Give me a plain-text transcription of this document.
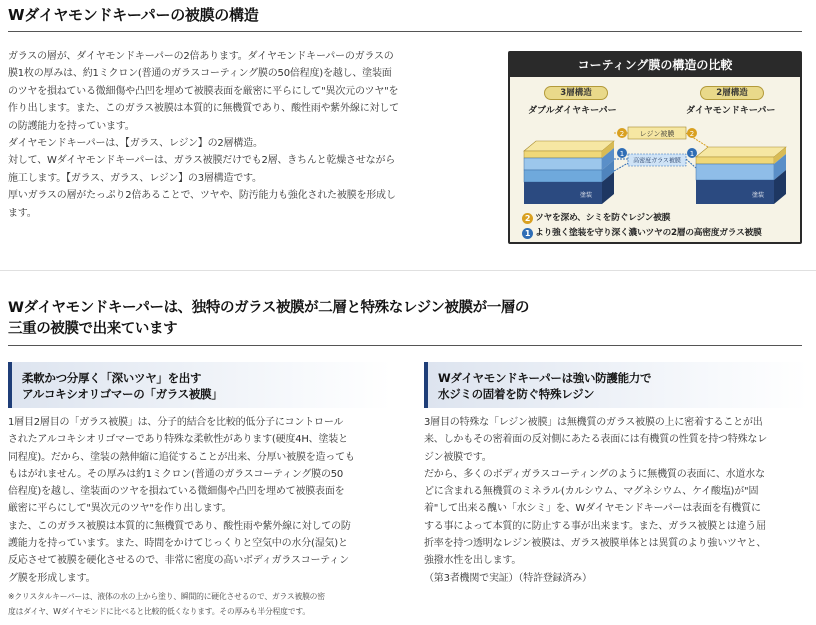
Wダイヤモンドキーパーの被膜の構造

ガラスの層が、ダイヤモンドキーパーの2倍あります。ダイヤモンドキーパーのガラスの

膜1枚の厚みは、約1ミクロン(普通のガラスコーティング膜の50倍程度)を越し、塗装面

のツヤを損ねている微細傷や凸凹を埋めて被膜表面を厳密に平らにして"異次元のツヤ"を

作り出します。また、このガラス被膜は本質的に無機質であり、酸性雨や紫外線に対して

の防護能力を持っています。

ダイヤモンドキーパーは、【ガラス、レジン】の2層構造。

対して、Wダイヤモンドキーパーは、ガラス被膜だけでも2層、きちんと乾燥させながら

施工します。【ガラス、ガラス、レジン】の3層構造です。

厚いガラスの層がたっぷり2倍あることで、ツヤや、防汚能力も強化された被膜を形成し

ます。

コーティング膜の構造の比較
3層構造	2層構造
ダブルダイヤキーパー	ダイヤモンドキーパー
塗装	塗装
2	2
レジン被膜
1	1
高密度ガラス被膜
2 ツヤを深め、シミを防ぐレジン被膜
1 より強く塗装を守り深く濃いツヤの2層の高密度ガラス被膜
Wダイヤモンドキーパーは、独特のガラス被膜が二層と特殊なレジン被膜が一層の
三重の被膜で出来ています
柔軟かつ分厚く「深いツヤ」を出す
アルコキシオリゴマーの「ガラス被膜」

1層目2層目の「ガラス被膜」は、分子的結合を比較的低分子にコントロール

されたアルコキシオリゴマーであり特殊な柔軟性があります(硬度4H、塗装と

同程度)。だから、塗装の熱伸縮に追従することが出来、分厚い被膜を造っても

もはがれません。その厚みは約1ミクロン(普通のガラスコーティング膜の50

倍程度)を越し、塗装面のツヤを損ねている微細傷や凸凹を埋めて被膜表面を

厳密に平らにして"異次元のツヤ"を作り出します。

また、このガラス被膜は本質的に無機質であり、酸性雨や紫外線に対しての防

護能力を持っています。また、時間をかけてじっくりと空気中の水分(湿気)と

反応させて被膜を硬化させるので、非常に密度の高いボディガラスコーティン

グ膜を形成します。

※クリスタルキーパーは、液体の水の上から塗り、瞬間的に硬化させるので、ガラス被膜の密

度はダイヤ、Wダイヤモンドに比べると比較的低くなります。その厚みも半分程度です。

Wダイヤモンドキーパーは強い防護能力で
水ジミの固着を防ぐ特殊レジン

3層目の特殊な「レジン被膜」は無機質のガラス被膜の上に密着することが出

来、しかもその密着面の反対側にあたる表面には有機質の性質を持つ特殊なレ

ジン被膜です。

だから、多くのボディガラスコーティングのように無機質の表面に、水道水な

どに含まれる無機質のミネラル(カルシウム、マグネシウム、ケイ酸塩)が"固

着"して出来る醜い「水シミ」を、Wダイヤモンドキーパーは表面を有機質に

する事によって本質的に防止する事が出来ます。また、ガラス被膜とは違う屈

折率を持つ透明なレジン被膜は、ガラス被膜単体とは異質のより強いツヤと、

強撥水性を出します。

（第3者機関で実証）（特許登録済み）
